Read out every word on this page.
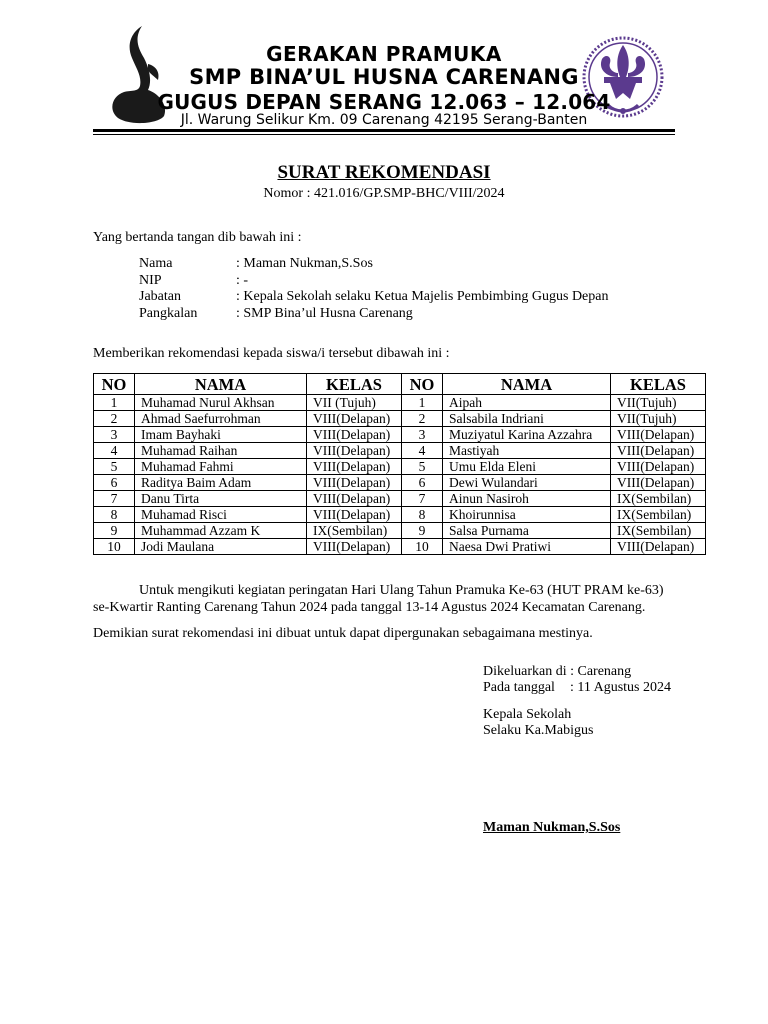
GERAKAN PRAMUKA
SMP BINA’UL HUSNA CARENANG
GUGUS DEPAN SERANG 12.063 – 12.064
Jl. Warung Selikur Km. 09 Carenang 42195 Serang-Banten
SURAT REKOMENDASI
Nomor : 421.016/GP.SMP-BHC/VIII/2024
Yang bertanda tangan dib bawah ini :
Nama	: Maman Nukman,S.Sos
NIP	: -
Jabatan	: Kepala Sekolah selaku Ketua Majelis Pembimbing Gugus Depan
Pangkalan	: SMP Bina’ul Husna Carenang
Memberikan rekomendasi kepada siswa/i tersebut dibawah ini :
NO	NAMA	KELAS	NO	NAMA	KELAS
1	Muhamad Nurul Akhsan	VII (Tujuh)	1	Aipah	VII(Tujuh)
2	Ahmad Saefurrohman	VIII(Delapan)	2	Salsabila Indriani	VII(Tujuh)
3	Imam Bayhaki	VIII(Delapan)	3	Muziyatul Karina Azzahra	VIII(Delapan)
4	Muhamad Raihan	VIII(Delapan)	4	Mastiyah	VIII(Delapan)
5	Muhamad Fahmi	VIII(Delapan)	5	Umu Elda Eleni	VIII(Delapan)
6	Raditya Baim Adam	VIII(Delapan)	6	Dewi Wulandari	VIII(Delapan)
7	Danu Tirta	VIII(Delapan)	7	Ainun Nasiroh	IX(Sembilan)
8	Muhamad Risci	VIII(Delapan)	8	Khoirunnisa	IX(Sembilan)
9	Muhammad Azzam K	IX(Sembilan)	9	Salsa Purnama	IX(Sembilan)
10	Jodi Maulana	VIII(Delapan)	10	Naesa Dwi Pratiwi	VIII(Delapan)
Untuk mengikuti kegiatan peringatan Hari Ulang Tahun Pramuka Ke-63 (HUT PRAM ke-63)
se-Kwartir Ranting Carenang Tahun 2024 pada tanggal 13-14 Agustus 2024 Kecamatan Carenang.
Demikian surat rekomendasi ini dibuat untuk dapat dipergunakan sebagaimana mestinya.
Dikeluarkan di : Carenang
Pada tanggal : 11 Agustus 2024
Kepala Sekolah
Selaku Ka.Mabigus
Maman Nukman,S.Sos
